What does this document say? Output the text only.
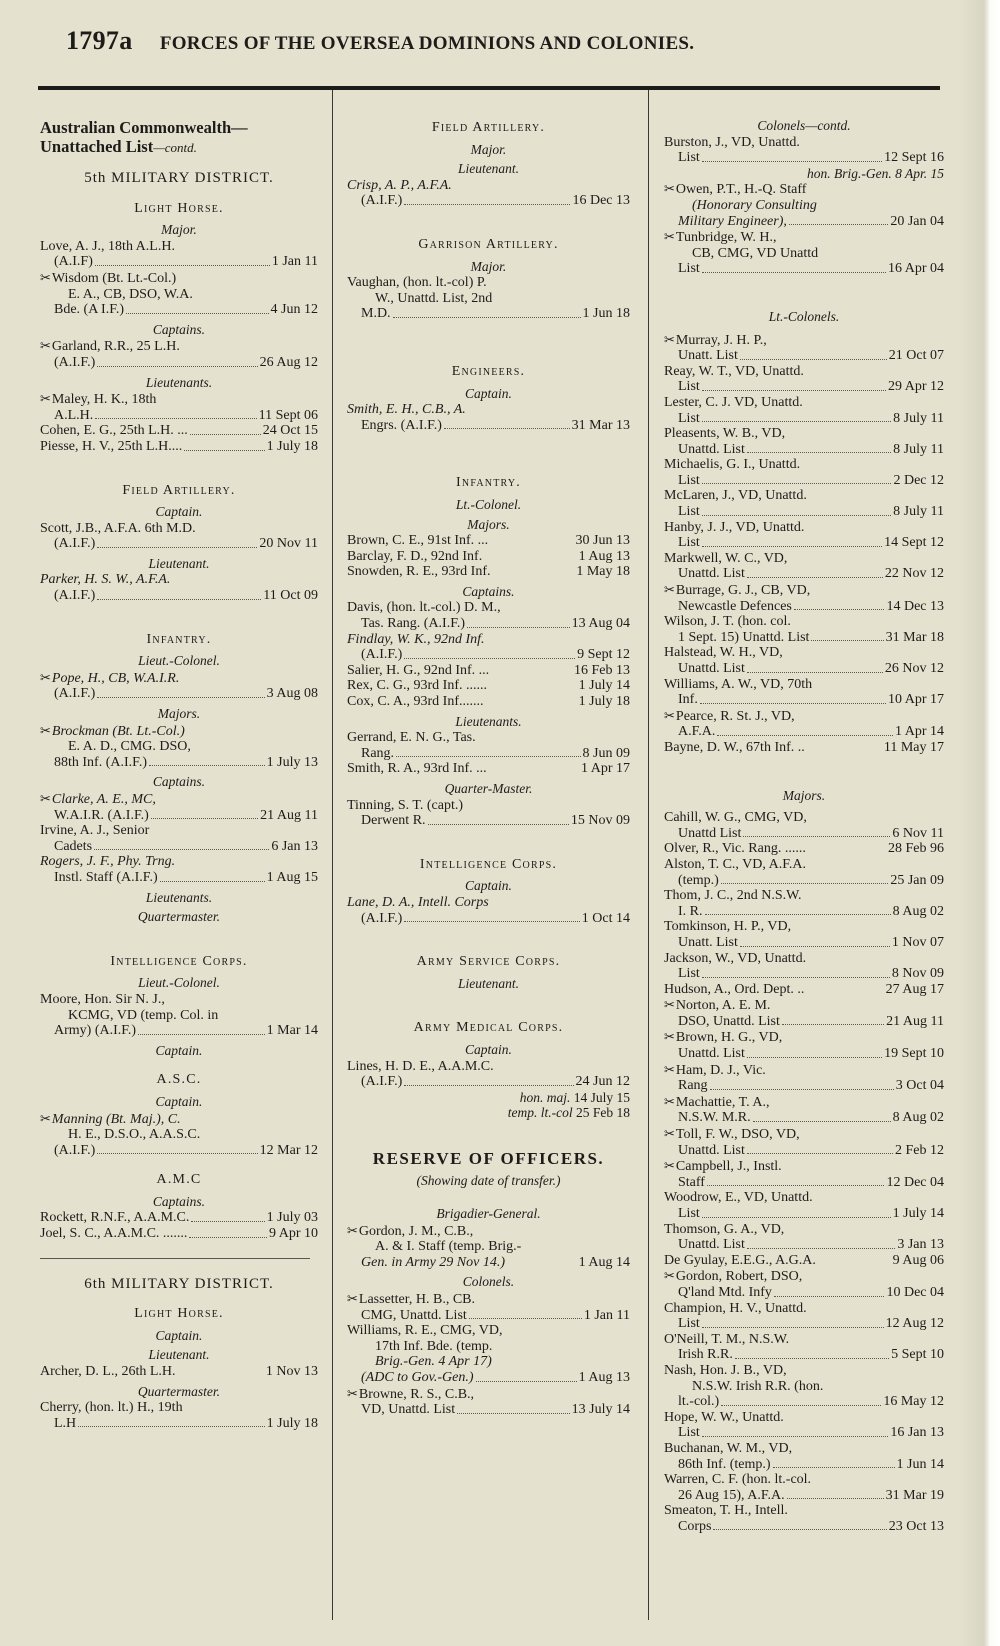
1797a FORCES OF THE OVERSEA DOMINIONS AND COLONIES.
Australian Commonwealth—
Unattached List—contd.
5th MILITARY DISTRICT.
Light Horse.
Major.
Love, A. J., 18th A.L.H.
(A.I.F)	1 Jan 11
✂Wisdom (Bt. Lt.-Col.)
E. A., CB, DSO, W.A.
Bde. (A I.F.)	4 Jun 12
Captains.
✂Garland, R.R., 25 L.H.
(A.I.F.)	26 Aug 12
Lieutenants.
✂Maley, H. K., 18th
A.L.H.	11 Sept 06
Cohen, E. G., 25th L.H. ...	24 Oct 15
Piesse, H. V., 25th L.H....	1 July 18
Field Artillery.
Captain.
Scott, J.B., A.F.A. 6th M.D.
(A.I.F.)	20 Nov 11
Lieutenant.
Parker, H. S. W., A.F.A.
(A.I.F.)	11 Oct 09
Infantry.
Lieut.-Colonel.
✂Pope, H., CB, W.A.I.R.
(A.I.F.)	3 Aug 08
Majors.
✂Brockman (Bt. Lt.-Col.)
E. A. D., CMG. DSO,
88th Inf. (A.I.F.)	1 July 13
Captains.
✂Clarke, A. E., MC,
W.A.I.R. (A.I.F.)	21 Aug 11
Irvine, A. J., Senior
Cadets	6 Jan 13
Rogers, J. F., Phy. Trng.
Instl. Staff (A.I.F.)	1 Aug 15
Lieutenants.
Quartermaster.
Intelligence Corps.
Lieut.-Colonel.
Moore, Hon. Sir N. J.,
KCMG, VD (temp. Col. in
Army) (A.I.F.)	1 Mar 14
Captain.
A.S.C.
Captain.
✂Manning (Bt. Maj.), C.
H. E., D.S.O., A.A.S.C.
(A.I.F.)	12 Mar 12
A.M.C
Captains.
Rockett, R.N.F., A.A.M.C.	1 July 03
Joel, S. C., A.A.M.C. .......	9 Apr 10
6th MILITARY DISTRICT.
Light Horse.
Captain.
Lieutenant.
Archer, D. L., 26th L.H.	1 Nov 13
Quartermaster.
Cherry, (hon. lt.) H., 19th
L.H	1 July 18
Field Artillery.
Major.
Lieutenant.
Crisp, A. P., A.F.A.
(A.I.F.)	16 Dec 13
Garrison Artillery.
Major.
Vaughan, (hon. lt.-col) P.
W., Unattd. List, 2nd
M.D.	1 Jun 18
Engineers.
Captain.
Smith, E. H., C.B., A.
Engrs. (A.I.F.)	31 Mar 13
Infantry.
Lt.-Colonel.
Majors.
Brown, C. E., 91st Inf. ...	30 Jun 13
Barclay, F. D., 92nd Inf.	1 Aug 13
Snowden, R. E., 93rd Inf.	1 May 18
Captains.
Davis, (hon. lt.-col.) D. M.,
Tas. Rang. (A.I.F.)	13 Aug 04
Findlay, W. K., 92nd Inf.
(A.I.F.)	9 Sept 12
Salier, H. G., 92nd Inf. ...	16 Feb 13
Rex, C. G., 93rd Inf. ......	1 July 14
Cox, C. A., 93rd Inf.......	1 July 18
Lieutenants.
Gerrand, E. N. G., Tas.
Rang.	8 Jun 09
Smith, R. A., 93rd Inf. ...	1 Apr 17
Quarter-Master.
Tinning, S. T. (capt.)
Derwent R.	15 Nov 09
Intelligence Corps.
Captain.
Lane, D. A., Intell. Corps
(A.I.F.)	1 Oct 14
Army Service Corps.
Lieutenant.
Army Medical Corps.
Captain.
Lines, H. D. E., A.A.M.C.
(A.I.F.)	24 Jun 12
hon. maj. 14 July 15
temp. lt.-col 25 Feb 18
RESERVE OF OFFICERS.
(Showing date of transfer.)
Brigadier-General.
✂Gordon, J. M., C.B.,
A. & I. Staff (temp. Brig.-
Gen. in Army 29 Nov 14.)	1 Aug 14
Colonels.
✂Lassetter, H. B., CB.
CMG, Unattd. List	1 Jan 11
Williams, R. E., CMG, VD,
17th Inf. Bde. (temp.
Brig.-Gen. 4 Apr 17)
(ADC to Gov.-Gen.)	1 Aug 13
✂Browne, R. S., C.B.,
VD, Unattd. List	13 July 14
Colonels—contd.
Burston, J., VD, Unattd.
List	12 Sept 16
hon. Brig.-Gen. 8 Apr. 15
✂Owen, P.T., H.-Q. Staff
(Honorary Consulting
Military Engineer),	20 Jan 04
✂Tunbridge, W. H.,
CB, CMG, VD Unattd
List	16 Apr 04
Lt.-Colonels.
✂Murray, J. H. P.,
Unatt. List	21 Oct 07
Reay, W. T., VD, Unattd.
List	29 Apr 12
Lester, C. J. VD, Unattd.
List	8 July 11
Pleasents, W. B., VD,
Unattd. List	8 July 11
Michaelis, G. I., Unattd.
List	2 Dec 12
McLaren, J., VD, Unattd.
List	8 July 11
Hanby, J. J., VD, Unattd.
List	14 Sept 12
Markwell, W. C., VD,
Unattd. List	22 Nov 12
✂Burrage, G. J., CB, VD,
Newcastle Defences	14 Dec 13
Wilson, J. T. (hon. col.
1 Sept. 15) Unattd. List	31 Mar 18
Halstead, W. H., VD,
Unattd. List	26 Nov 12
Williams, A. W., VD, 70th
Inf.	10 Apr 17
✂Pearce, R. St. J., VD,
A.F.A.	1 Apr 14
Bayne, D. W., 67th Inf. ..	11 May 17
Majors.
Cahill, W. G., CMG, VD,
Unattd List	6 Nov 11
Olver, R., Vic. Rang. ......	28 Feb 96
Alston, T. C., VD, A.F.A.
(temp.)	25 Jan 09
Thom, J. C., 2nd N.S.W.
I. R.	8 Aug 02
Tomkinson, H. P., VD,
Unatt. List	1 Nov 07
Jackson, W., VD, Unattd.
List	8 Nov 09
Hudson, A., Ord. Dept. ..	27 Aug 17
✂Norton, A. E. M.
DSO, Unattd. List	21 Aug 11
✂Brown, H. G., VD,
Unattd. List	19 Sept 10
✂Ham, D. J., Vic.
Rang	3 Oct 04
✂Machattie, T. A.,
N.S.W. M.R.	8 Aug 02
✂Toll, F. W., DSO, VD,
Unattd. List	2 Feb 12
✂Campbell, J., Instl.
Staff	12 Dec 04
Woodrow, E., VD, Unattd.
List	1 July 14
Thomson, G. A., VD,
Unattd. List	3 Jan 13
De Gyulay, E.E.G., A.G.A.	9 Aug 06
✂Gordon, Robert, DSO,
Q'land Mtd. Infy	10 Dec 04
Champion, H. V., Unattd.
List	12 Aug 12
O'Neill, T. M., N.S.W.
Irish R.R.	5 Sept 10
Nash, Hon. J. B., VD,
N.S.W. Irish R.R. (hon.
lt.-col.)	16 May 12
Hope, W. W., Unattd.
List	16 Jan 13
Buchanan, W. M., VD,
86th Inf. (temp.)	1 Jun 14
Warren, C. F. (hon. lt.-col.
26 Aug 15), A.F.A.	31 Mar 19
Smeaton, T. H., Intell.
Corps	23 Oct 13
